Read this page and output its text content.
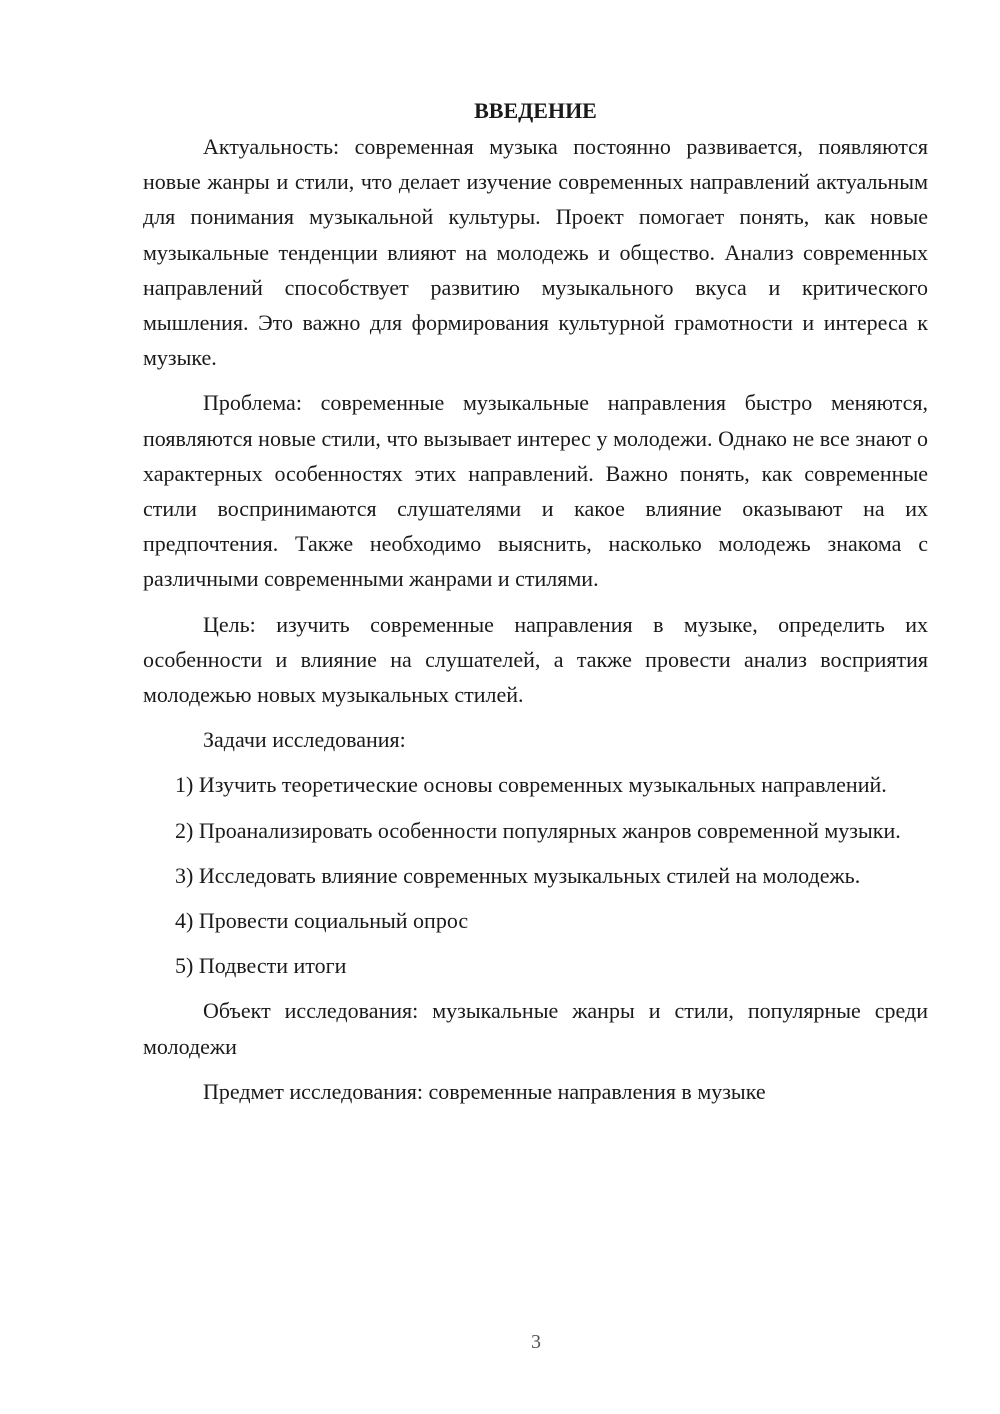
ВВЕДЕНИЕ

Актуальность: современная музыка постоянно развивается, появляются новые жанры и стили, что делает изучение современных направлений актуальным для понимания музыкальной культуры. Проект помогает понять, как новые музыкальные тенденции влияют на молодежь и общество. Анализ современных направлений способствует развитию музыкального вкуса и критического мышления. Это важно для формирования культурной грамотности и интереса к музыке.

Проблема: современные музыкальные направления быстро меняются, появляются новые стили, что вызывает интерес у молодежи. Однако не все знают о характерных особенностях этих направлений. Важно понять, как современные стили воспринимаются слушателями и какое влияние оказывают на их предпочтения. Также необходимо выяснить, насколько молодежь знакома с различными современными жанрами и стилями.

Цель: изучить современные направления в музыке, определить их особенности и влияние на слушателей, а также провести анализ восприятия молодежью новых музыкальных стилей.

Задачи исследования:

1) Изучить теоретические основы современных музыкальных направлений.

2) Проанализировать особенности популярных жанров современной музыки.

3) Исследовать влияние современных музыкальных стилей на молодежь.

4) Провести социальный опрос

5) Подвести итоги

Объект исследования: музыкальные жанры и стили, популярные среди молодежи

Предмет исследования: современные направления в музыке

3
